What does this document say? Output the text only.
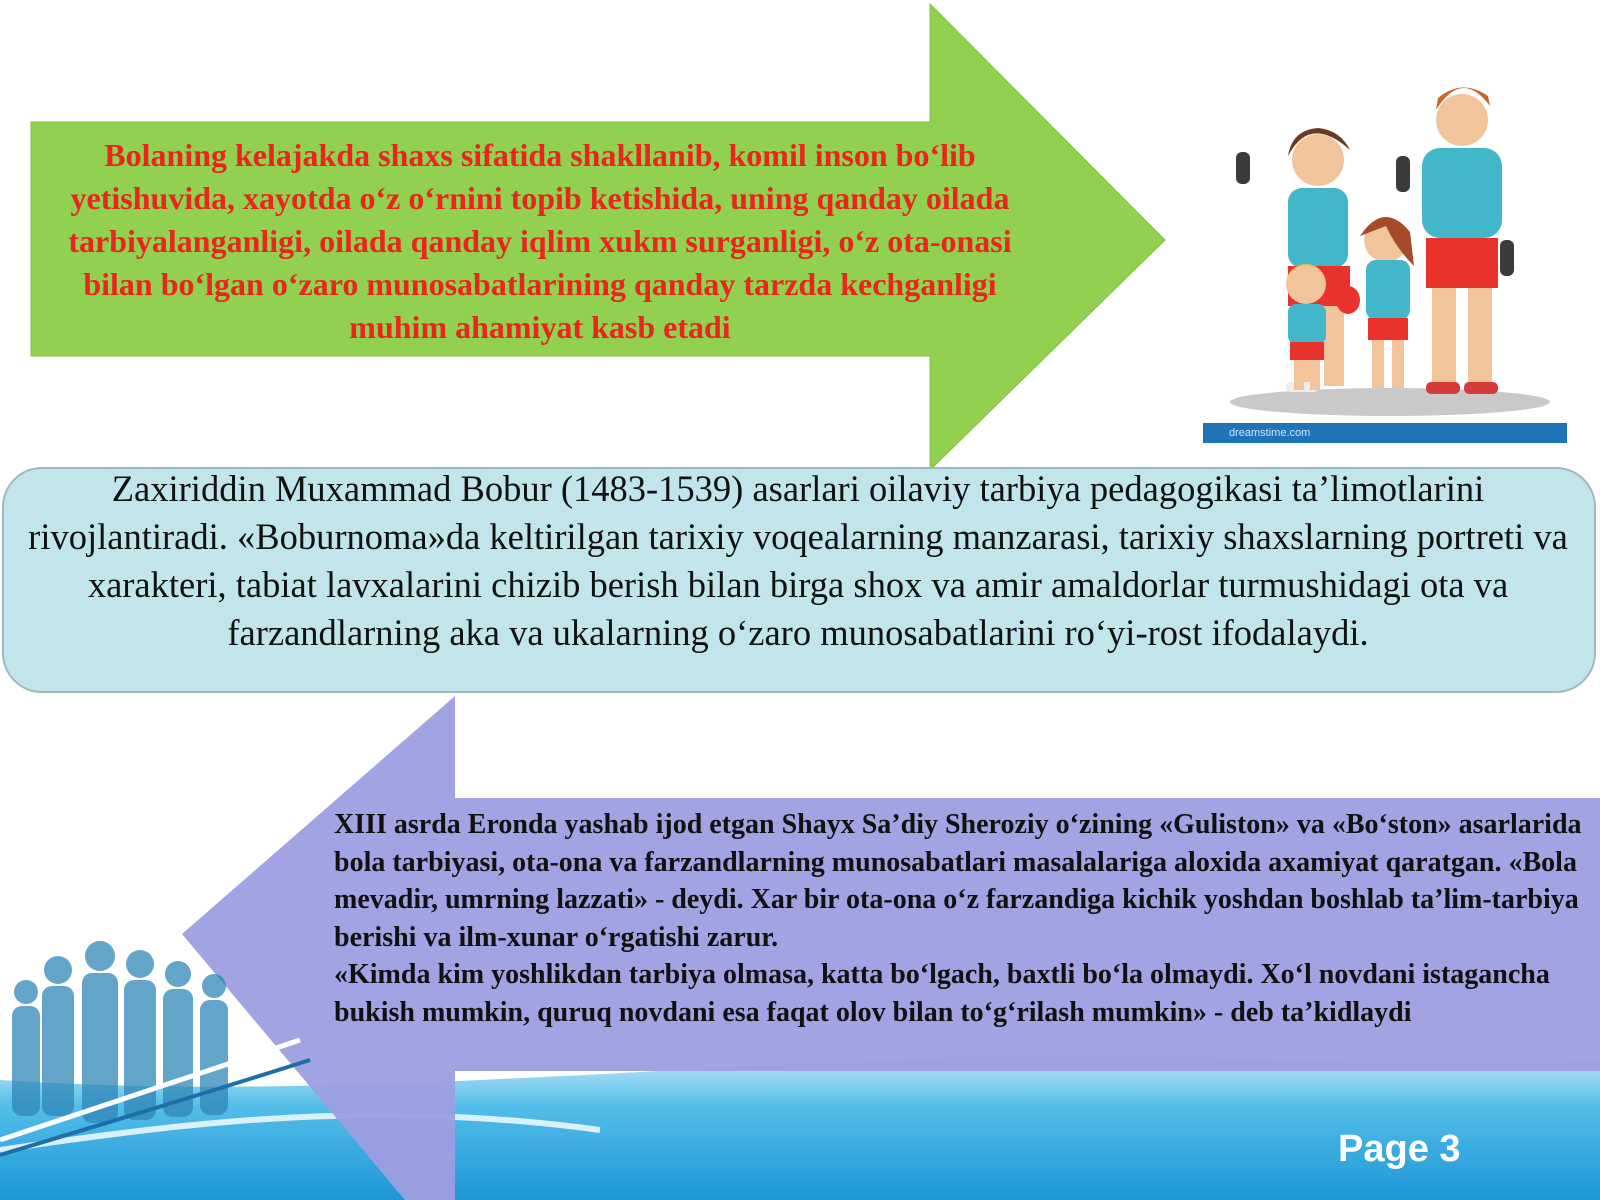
Bolaning kelajakda shaxs sifatida shakllanib, komil inson bo‘lib yetishuvida, xayotda o‘z o‘rnini topib ketishida, uning qanday oilada tarbiyalanganligi, oilada qanday iqlim xukm surganligi, o‘z ota-onasi bilan bo‘lgan o‘zaro munosabatlarining qanday tarzda kechganligi muhim ahamiyat kasb etadi
dreamstime.com
Zaxiriddin Muxammad Bobur (1483-1539) asarlari oilaviy tarbiya pedagogikasi ta’limotlarini rivojlantiradi. «Boburnoma»da keltirilgan tarixiy voqealarning manzarasi, tarixiy shaxslarning portreti va xarakteri, tabiat lavxalarini chizib berish bilan birga shox va amir amaldorlar turmushidagi ota va farzandlarning aka va ukalarning o‘zaro munosabatlarini ro‘yi-rost ifodalaydi.

XIII asrda Eronda yashab ijod etgan Shayx Sa’diy Sheroziy o‘zining «Guliston» va «Bo‘ston» asarlarida bola tarbiyasi, ota-ona va farzandlarning munosabatlari masalalariga aloxida axamiyat qaratgan. «Bola mevadir, umrning lazzati» - deydi. Xar bir ota-ona o‘z farzandiga kichik yoshdan boshlab ta’lim-tarbiya berishi va ilm-xunar o‘rgatishi zarur.

«Kimda kim yoshlikdan tarbiya olmasa, katta bo‘lgach, baxtli bo‘la olmaydi. Xo‘l novdani istagancha bukish mumkin, quruq novdani esa faqat olov bilan to‘g‘rilash mumkin» - deb ta’kidlaydi

Page 3
